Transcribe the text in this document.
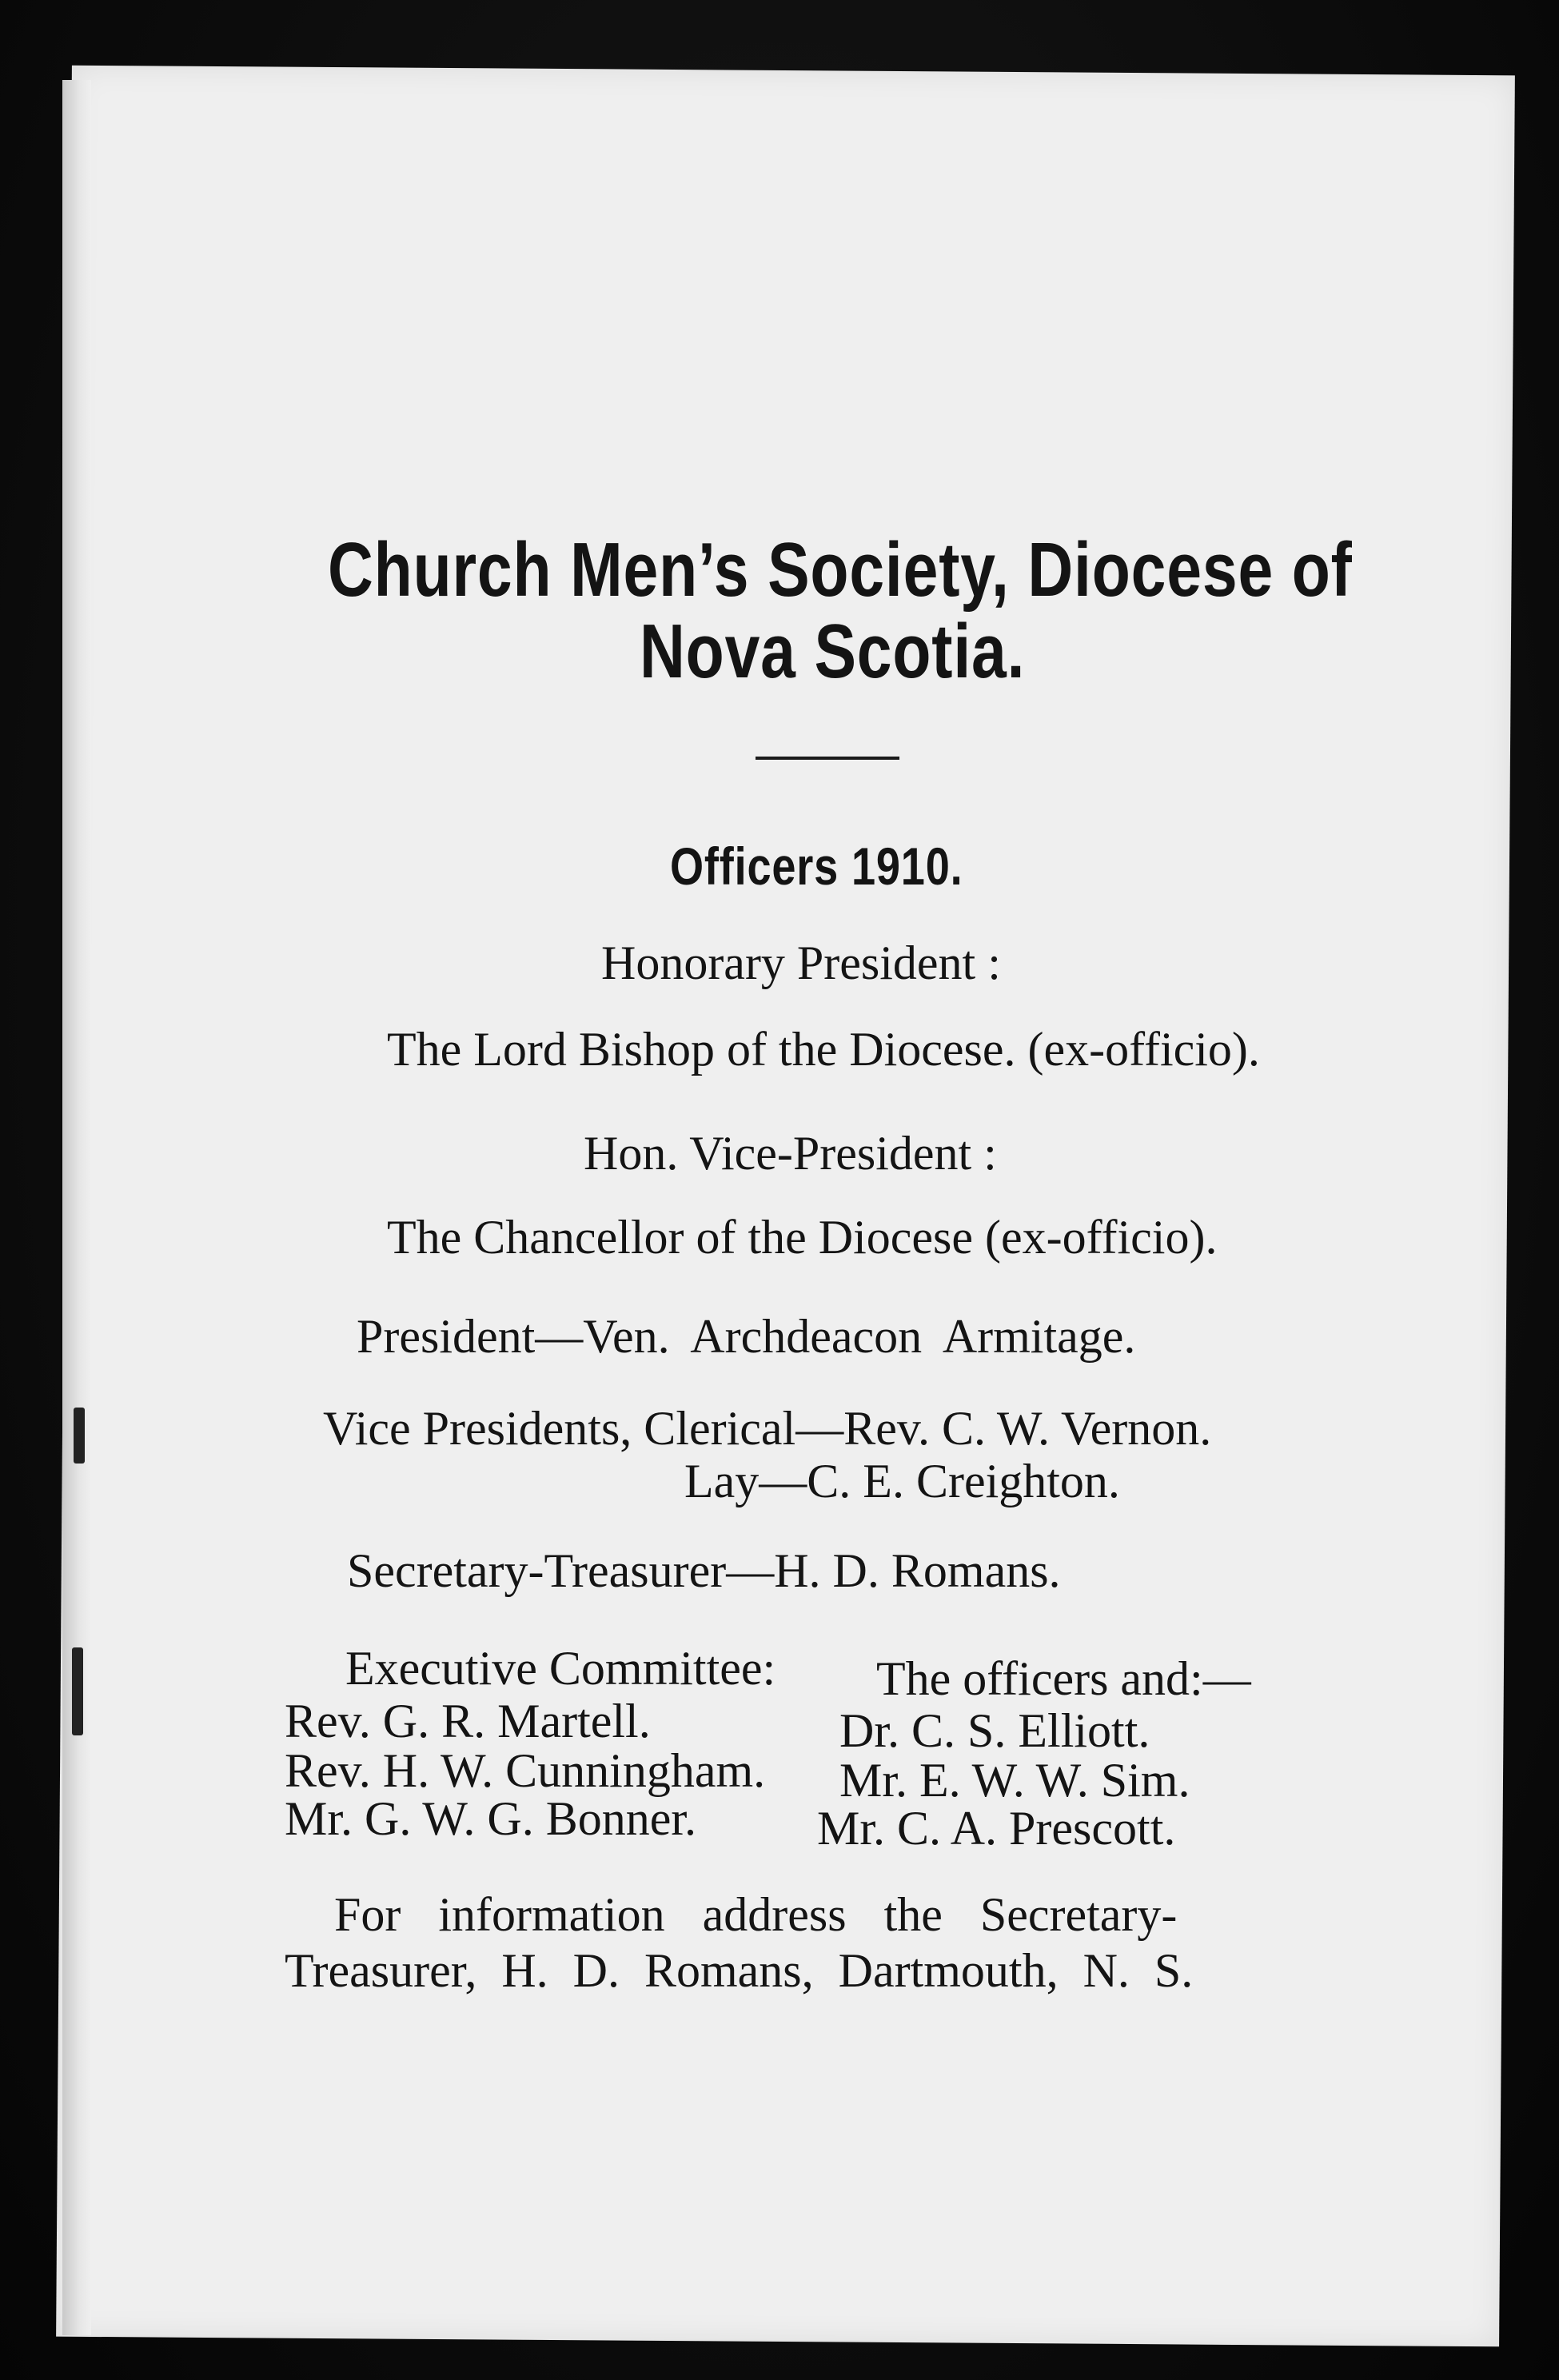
Church Men’s Society, Diocese of
Nova Scotia.
Officers 1910.
Honorary President :
The Lord Bishop of the Diocese. (ex-officio).
Hon. Vice-President :
The Chancellor of the Diocese (ex-officio).
President—Ven. Archdeacon Armitage.
Vice Presidents, Clerical—Rev. C. W. Vernon.
Lay—C. E. Creighton.
Secretary-Treasurer—H. D. Romans.
Executive Committee: The officers and:—
Rev. G. R. Martell.	Dr. C. S. Elliott.
Rev. H. W. Cunningham. Mr. E. W. W. Sim.
Mr. G. W. G. Bonner.	Mr. C. A. Prescott.
For information address the Secretary-
Treasurer, H. D. Romans, Dartmouth, N. S.
